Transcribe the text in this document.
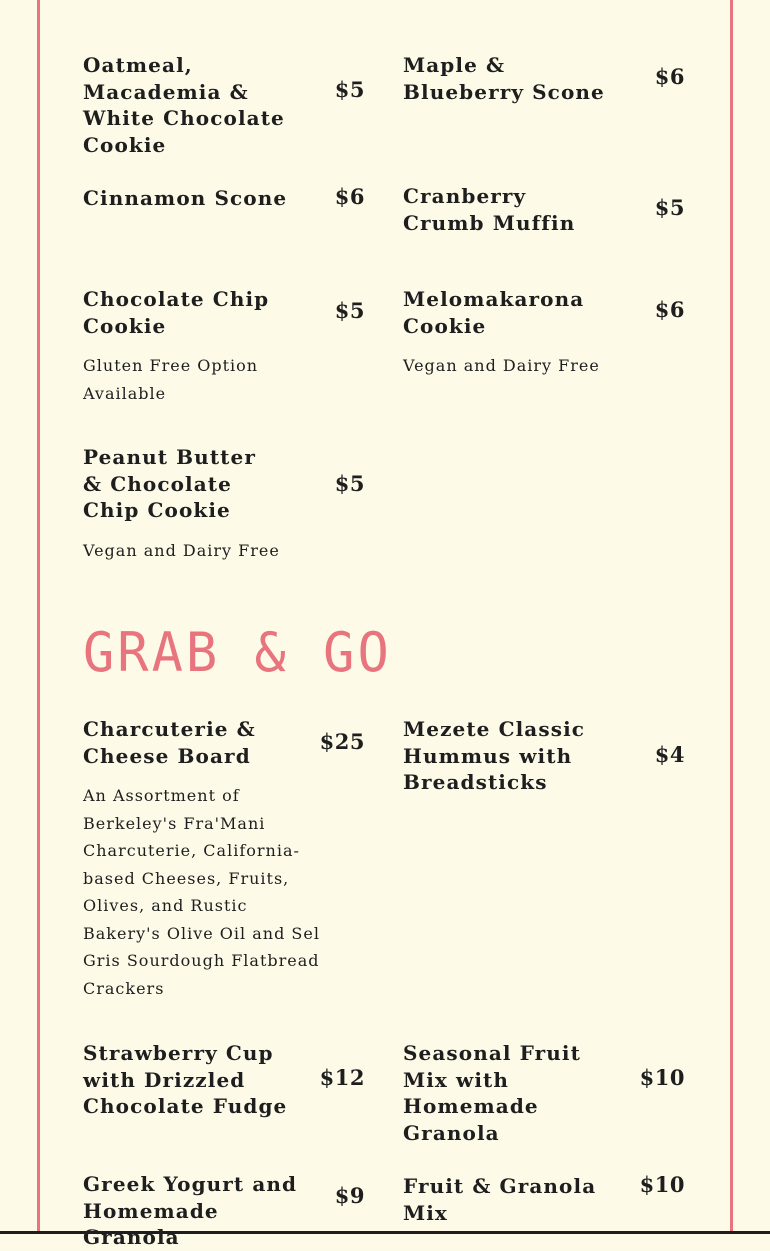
Oatmeal, Macademia & White Chocolate Cookie
$5
Maple & Blueberry Scone
$6
Cinnamon Scone	$6 Cranberry Crumb Muffin
$5
Chocolate Chip Cookie
$5
Gluten Free Option Available
Melomakarona Cookie
$6
Vegan and Dairy Free
Peanut Butter & Chocolate Chip Cookie
$5
Vegan and Dairy Free
GRAB & GO
Charcuterie & Cheese Board
$25
An Assortment of Berkeley's Fra'Mani Charcuterie, California-based Cheeses, Fruits, Olives, and Rustic Bakery's Olive Oil and Sel Gris Sourdough Flatbread Crackers
Mezete Classic Hummus with Breadsticks
$4
Strawberry Cup with Drizzled Chocolate Fudge
$12
Seasonal Fruit Mix with Homemade Granola
$10
Greek Yogurt and Homemade Granola
$9 Fruit & Granola Mix
$10
